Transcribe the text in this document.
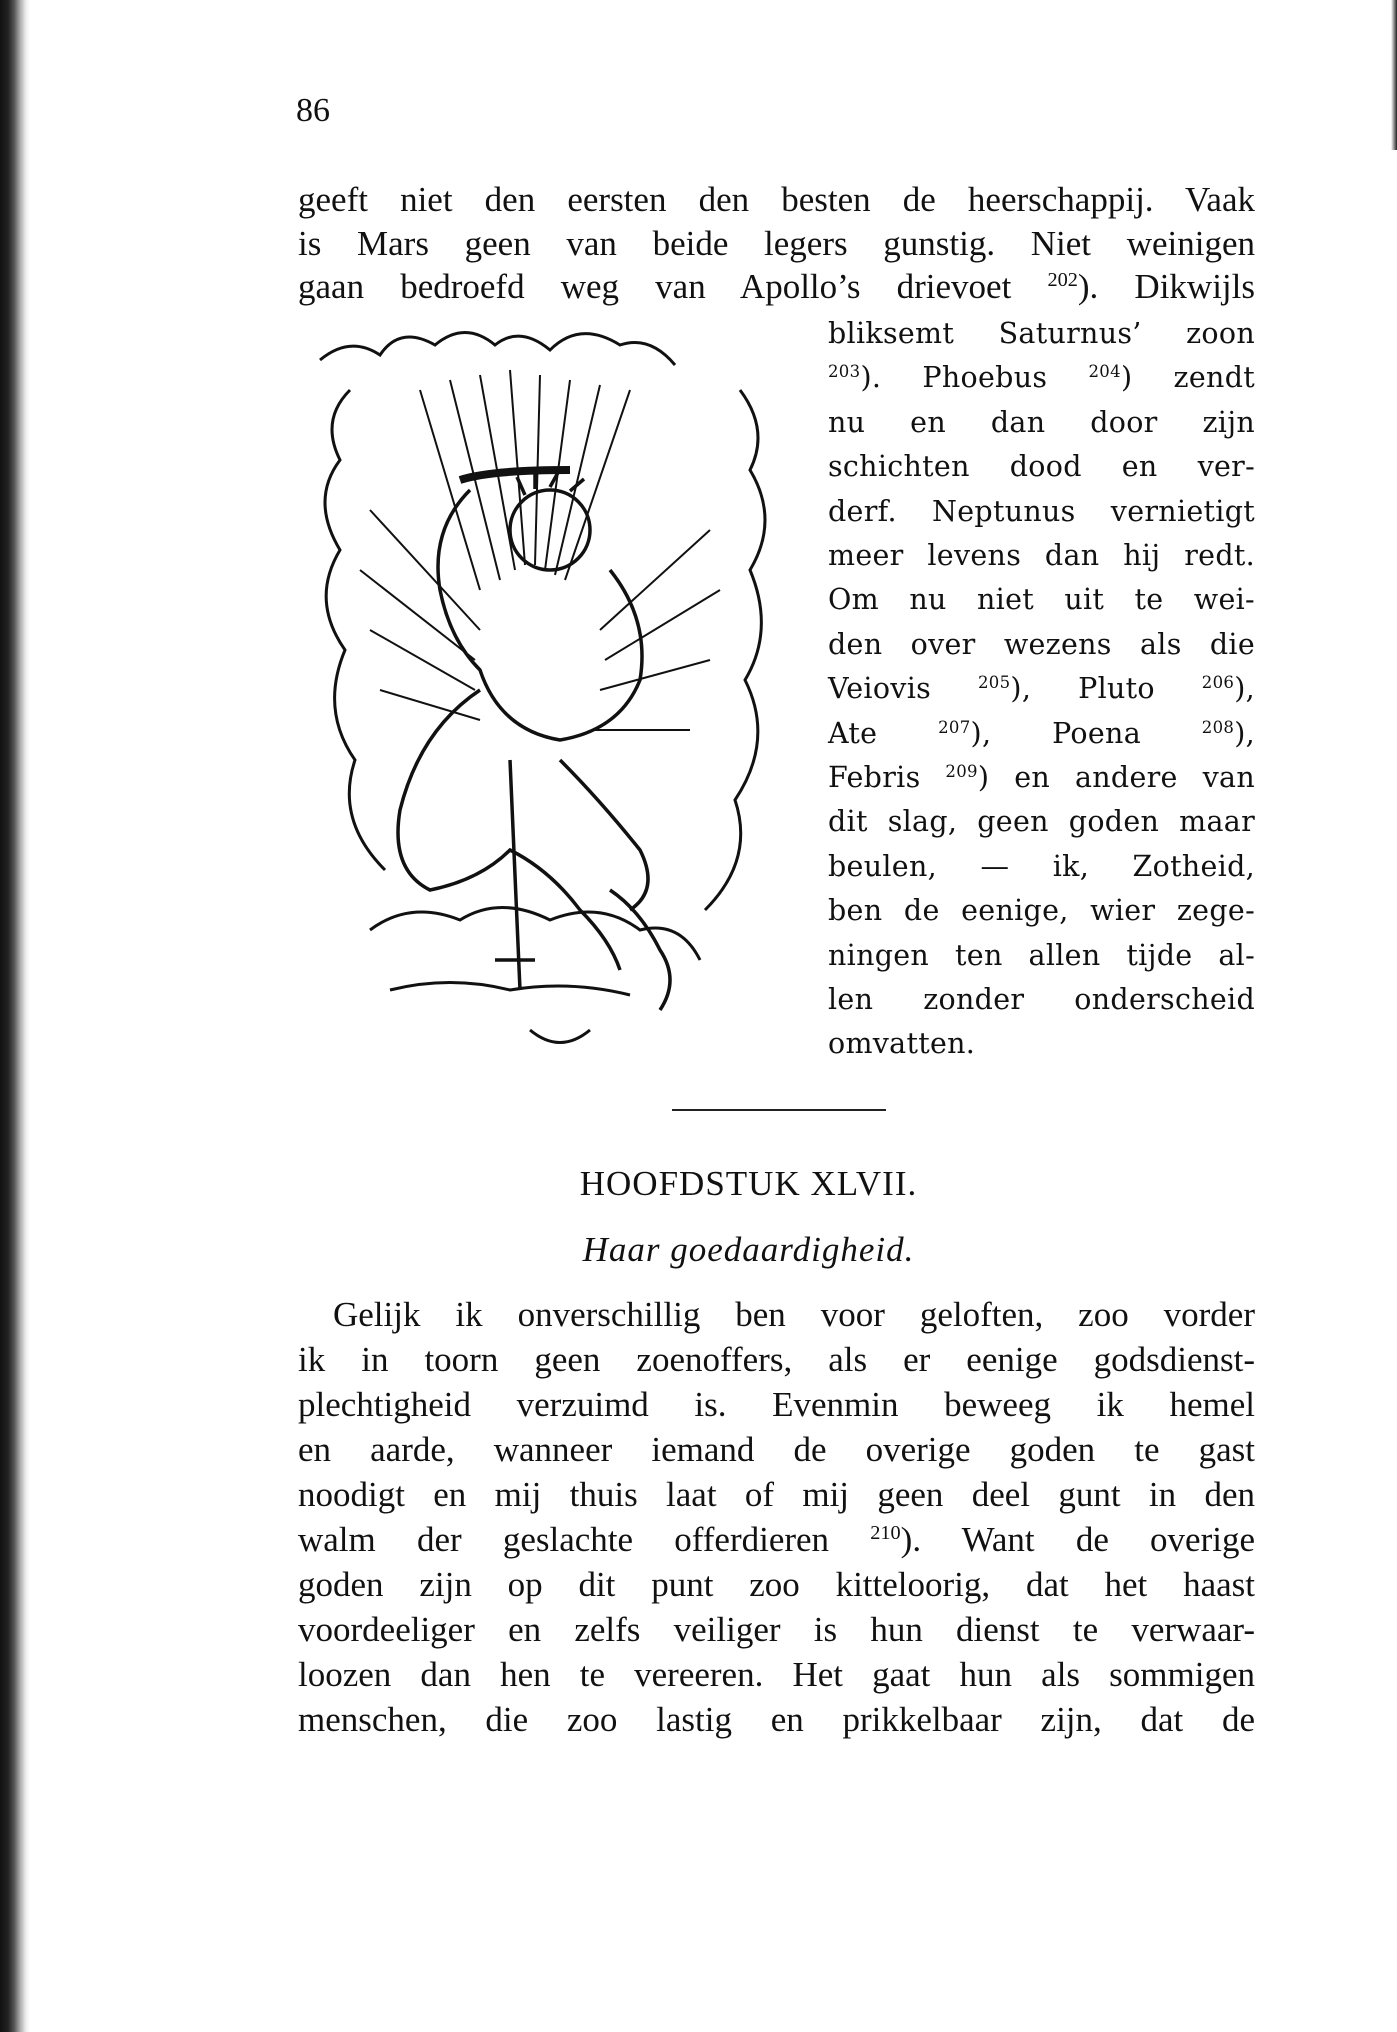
86
geeft niet den eersten den besten de heerschappij. Vaak
is Mars geen van beide legers gunstig. Niet weinigen
gaan bedroefd weg van Apollo’s drievoet $^{202}$). Dikwijls
bliksemt Saturnus’ zoon
$^{203}$). Phoebus $^{204}$) zendt
nu en dan door zijn
schichten dood en ver-
derf. Neptunus vernietigt
meer levens dan hij redt.
Om nu niet uit te wei-
den over wezens als die
Veiovis $^{205}$), Pluto $^{206}$),
Ate $^{207}$), Poena $^{208}$),
Febris $^{209}$) en andere van
dit slag, geen goden maar
beulen, — ik, Zotheid,
ben de eenige, wier zege-
ningen ten allen tijde al-
len zonder onderscheid
omvatten.
HOOFDSTUK XLVII.
Haar goedaardigheid.
 Gelijk ik onverschillig ben voor geloften, zoo vorder
ik in toorn geen zoenoffers, als er eenige godsdienst-
plechtigheid verzuimd is. Evenmin beweeg ik hemel
en aarde, wanneer iemand de overige goden te gast
noodigt en mij thuis laat of mij geen deel gunt in den
walm der geslachte offerdieren $^{210}$). Want de overige
goden zijn op dit punt zoo kitteloorig, dat het haast
voordeeliger en zelfs veiliger is hun dienst te verwaar-
loozen dan hen te vereeren. Het gaat hun als sommigen
menschen, die zoo lastig en prikkelbaar zijn, dat de
